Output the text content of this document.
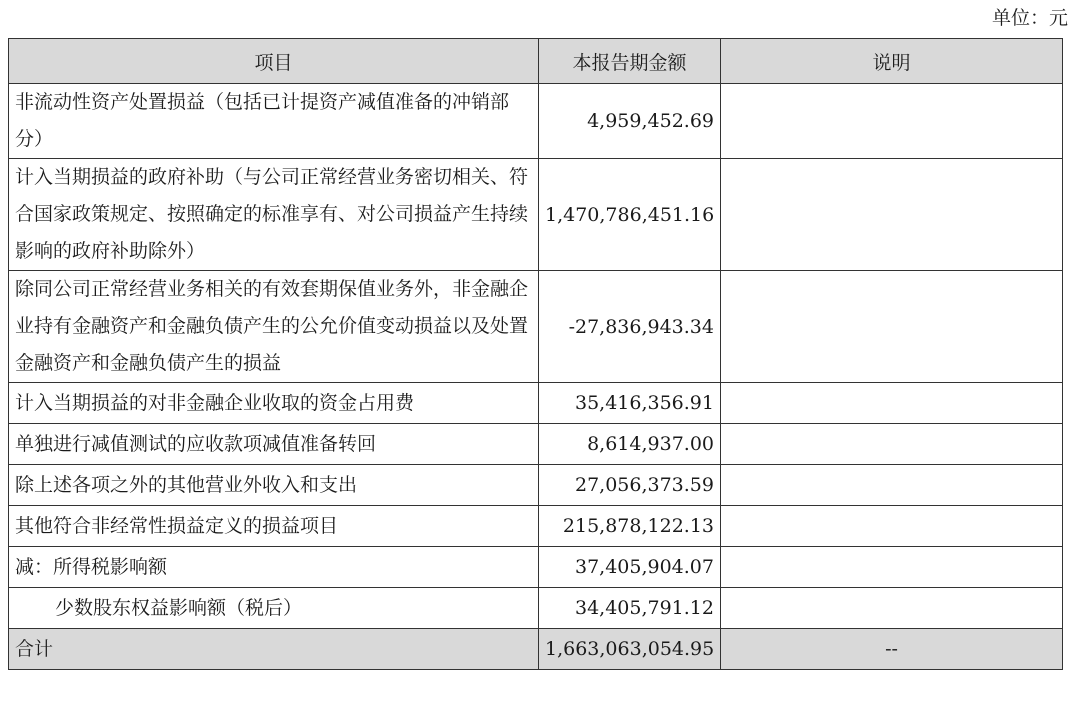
单位：元
项目	本报告期金额	说明
非流动性资产处置损益（包括已计提资产减值准备的冲销部分）	4,959,452.69	
计入当期损益的政府补助（与公司正常经营业务密切相关、符合国家政策规定、按照确定的标准享有、对公司损益产生持续影响的政府补助除外）	1,470,786,451.16	
除同公司正常经营业务相关的有效套期保值业务外，非金融企业持有金融资产和金融负债产生的公允价值变动损益以及处置金融资产和金融负债产生的损益	-27,836,943.34	
计入当期损益的对非金融企业收取的资金占用费	35,416,356.91	
单独进行减值测试的应收款项减值准备转回	8,614,937.00	
除上述各项之外的其他营业外收入和支出	27,056,373.59	
其他符合非经常性损益定义的损益项目	215,878,122.13	
减：所得税影响额	37,405,904.07	
少数股东权益影响额（税后）	34,405,791.12	
合计	1,663,063,054.95	--
